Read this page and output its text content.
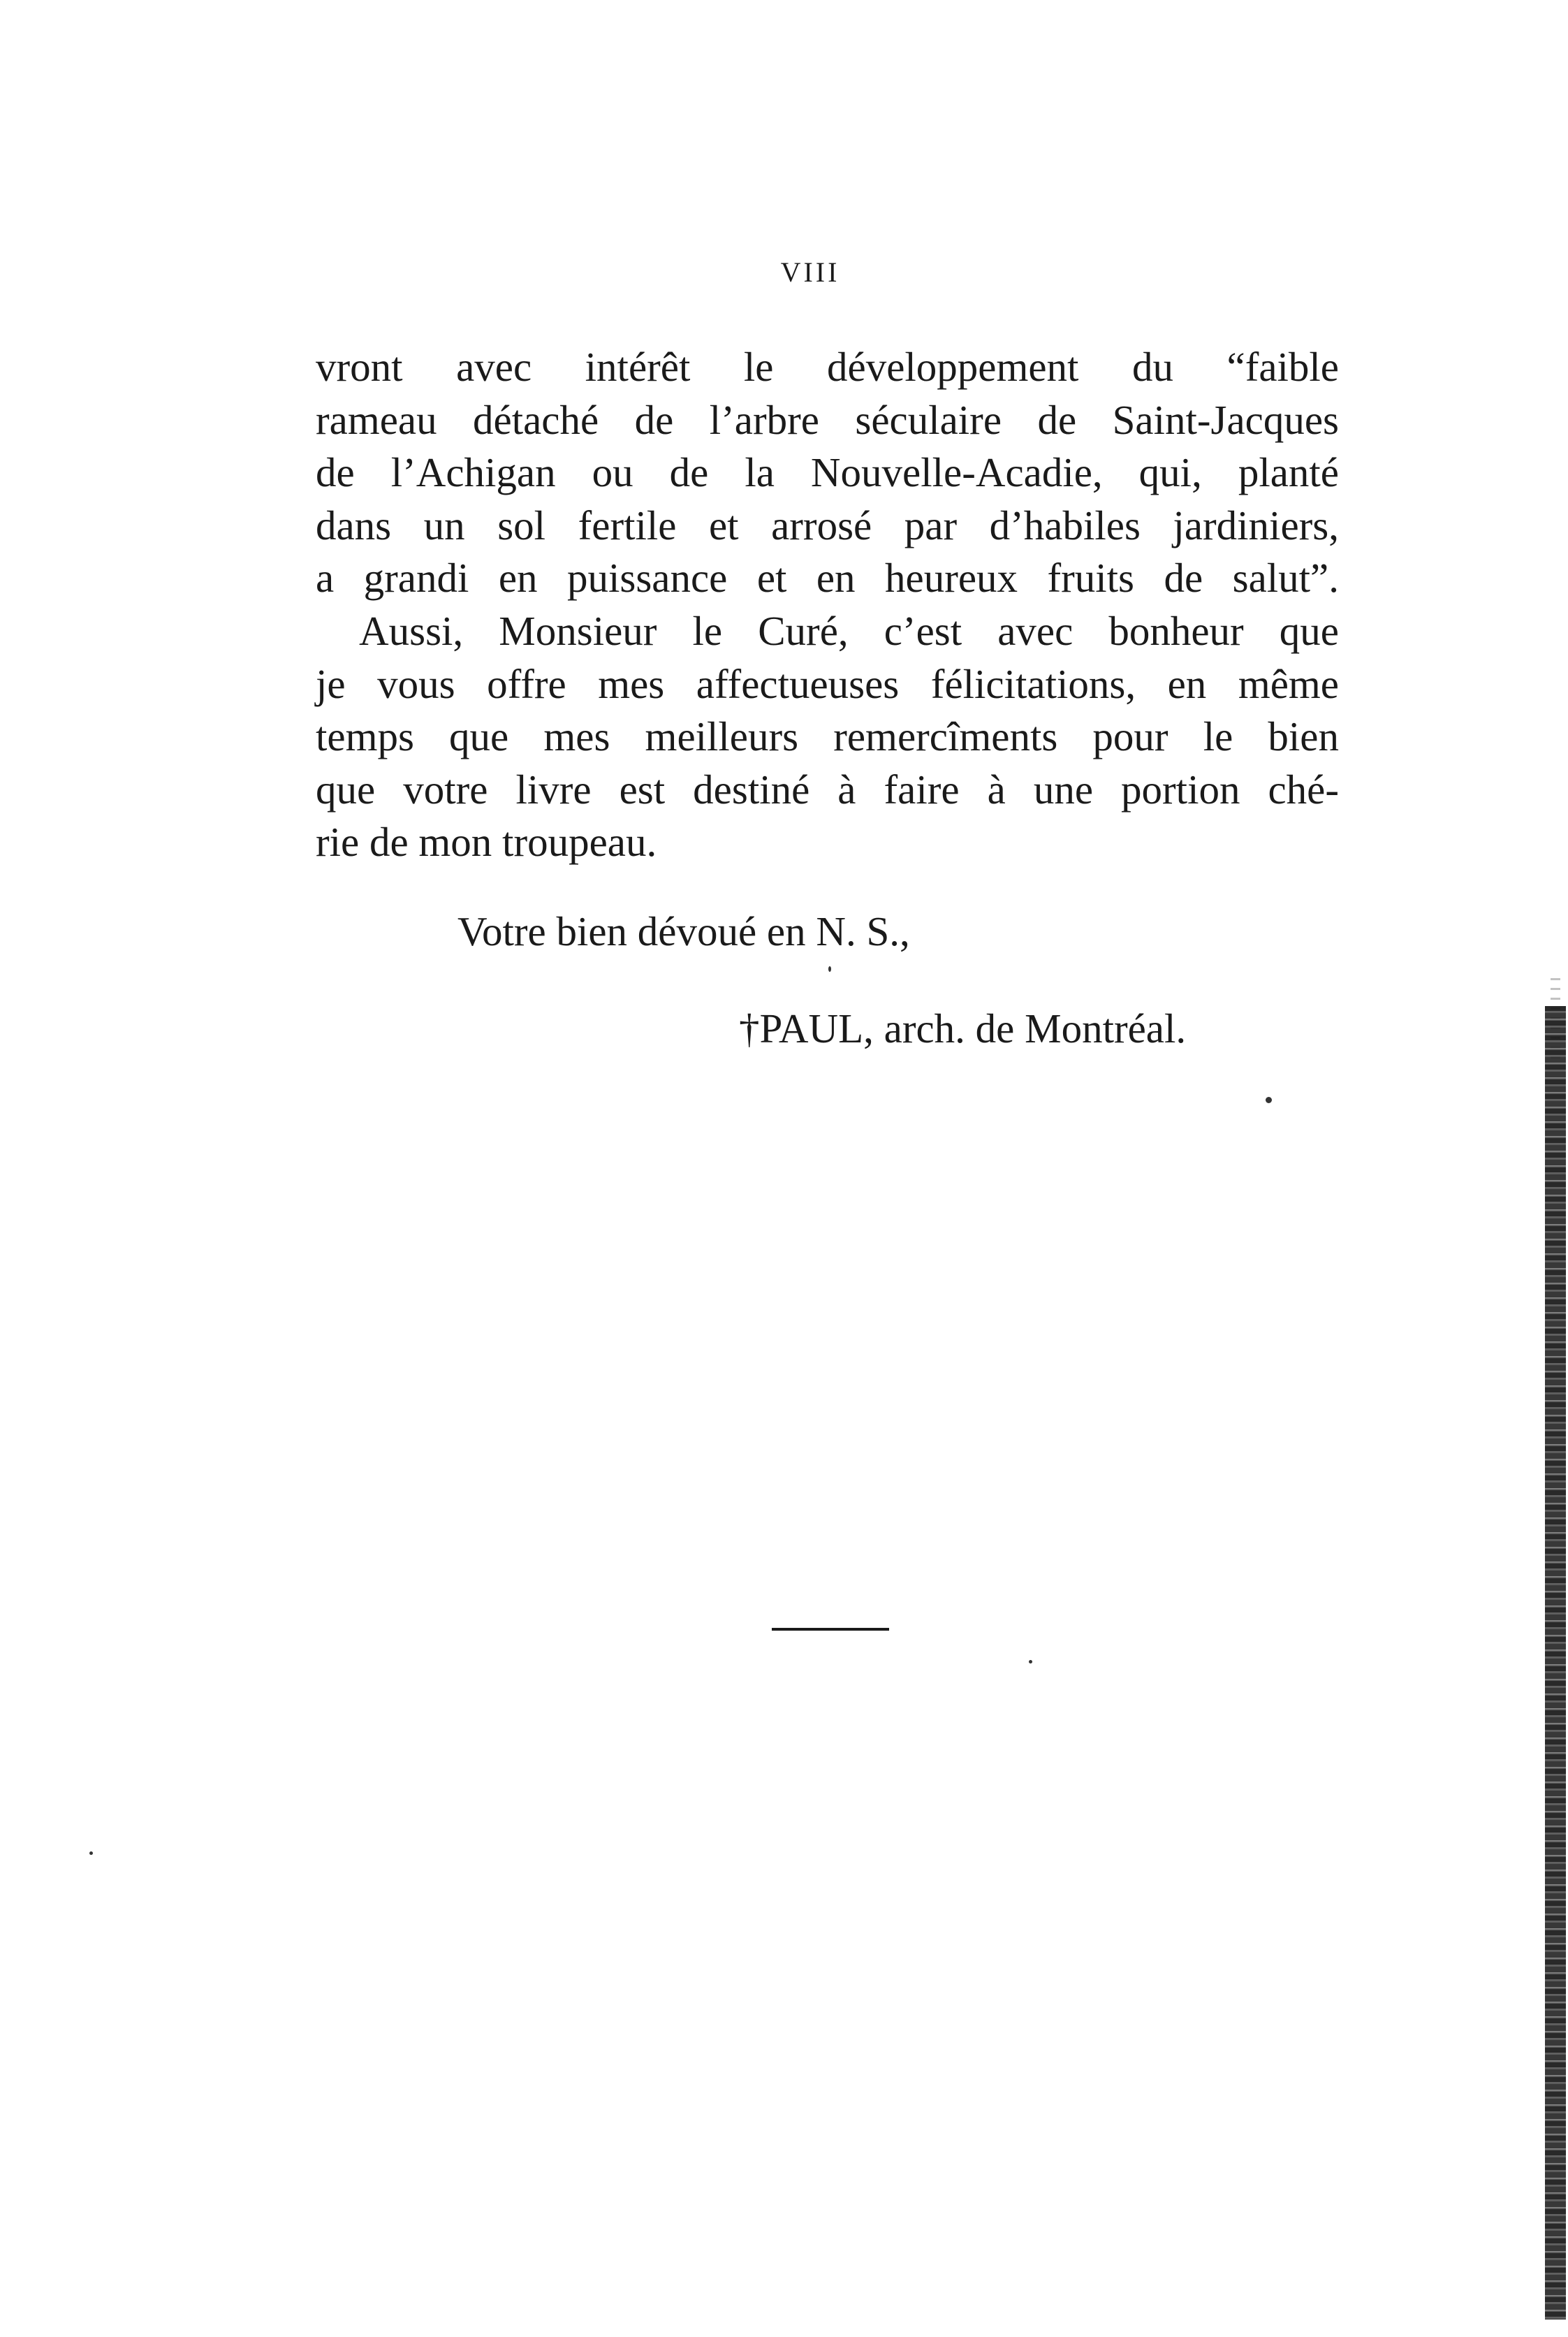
VIII
vront avec intérêt le développement du “faible
rameau détaché de l’arbre séculaire de Saint-Jacques
de l’Achigan ou de la Nouvelle-Acadie, qui, planté
dans un sol fertile et arrosé par d’habiles jardiniers,
a grandi en puissance et en heureux fruits de salut”.
Aussi, Monsieur le Curé, c’est avec bonheur que
je vous offre mes affectueuses félicitations, en même
temps que mes meilleurs remercîments pour le bien
que votre livre est destiné à faire à une portion ché-
rie de mon troupeau.
Votre bien dévoué en N. S.,
†PAUL, arch. de Montréal.
